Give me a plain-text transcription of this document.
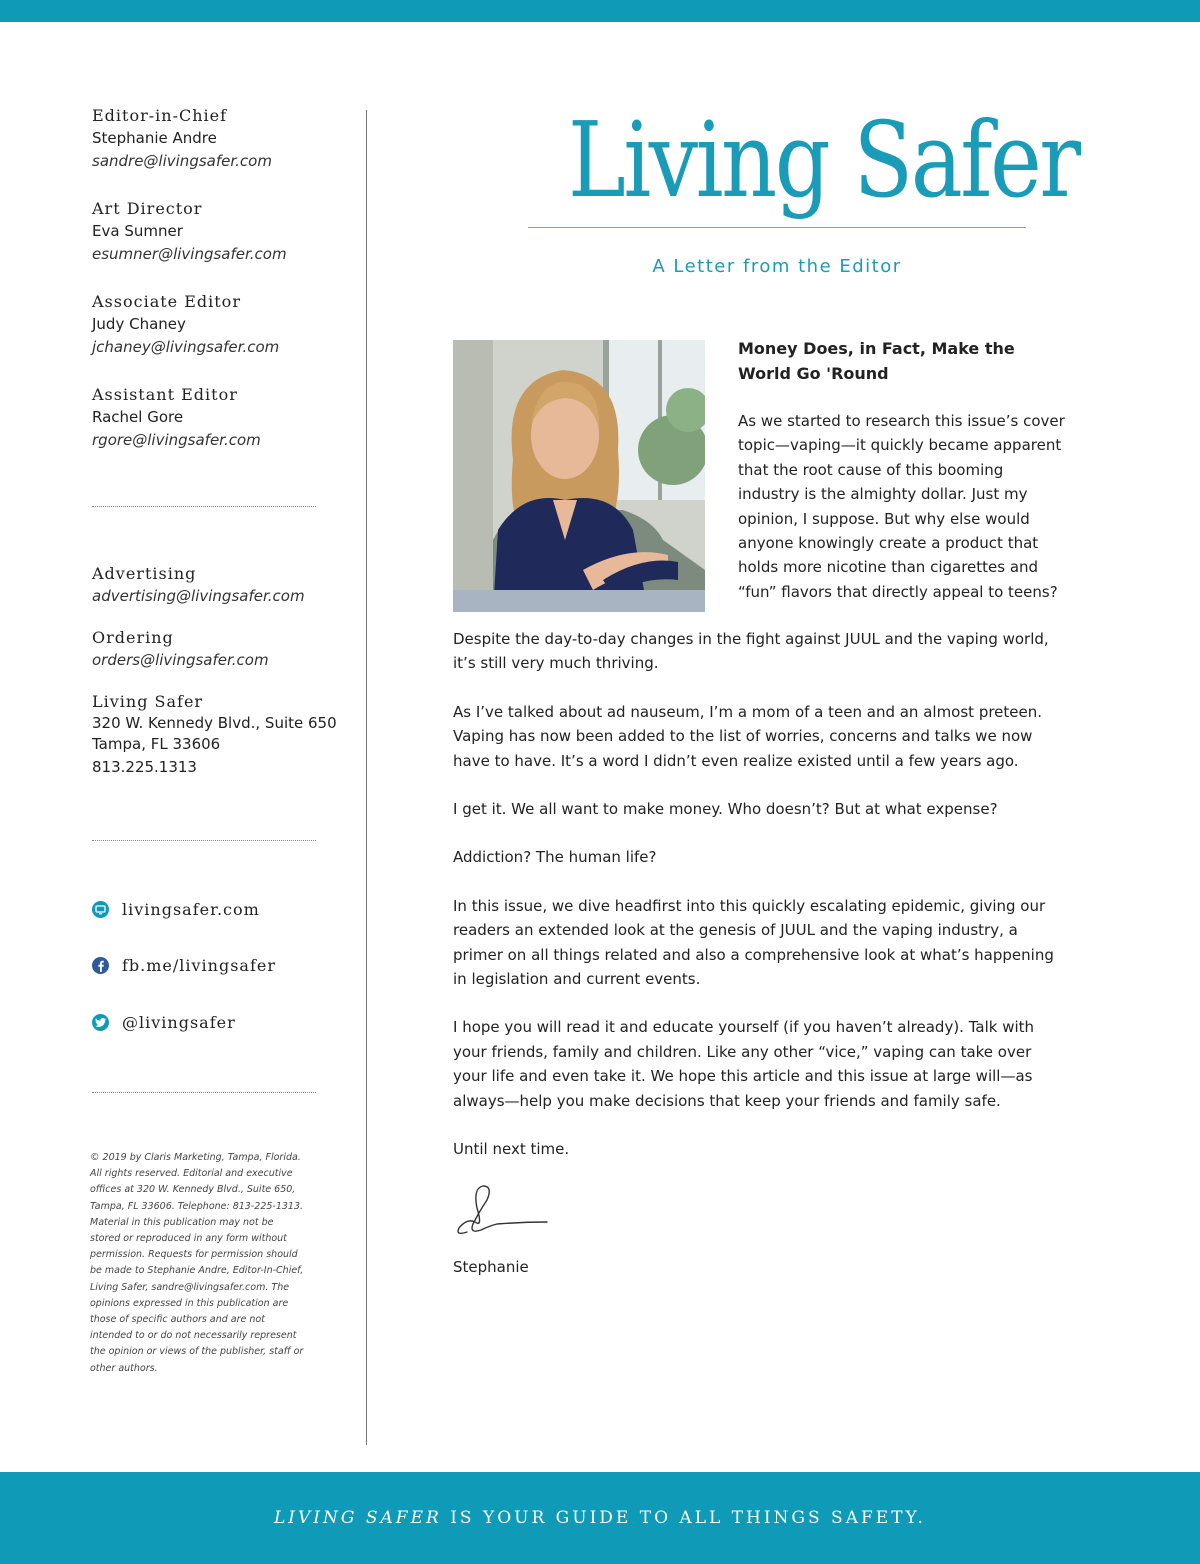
Editor-in-Chief
Stephanie Andre
sandre@livingsafer.com
Art Director
Eva Sumner
esumner@livingsafer.com
Associate Editor
Judy Chaney
jchaney@livingsafer.com
Assistant Editor
Rachel Gore
rgore@livingsafer.com
Advertising
advertising@livingsafer.com
Ordering
orders@livingsafer.com
Living Safer
320 W. Kennedy Blvd., Suite 650
Tampa, FL 33606
813.225.1313
livingsafer.com
fb.me/livingsafer
@livingsafer
© 2019 by Claris Marketing, Tampa, Florida. All rights reserved. Editorial and executive offices at 320 W. Kennedy Blvd., Suite 650, Tampa, FL 33606. Telephone: 813-225-1313. Material in this publication may not be stored or reproduced in any form without permission. Requests for permission should be made to Stephanie Andre, Editor-In-Chief, Living Safer, sandre@livingsafer.com. The opinions expressed in this publication are those of specific authors and are not intended to or do not necessarily represent the opinion or views of the publisher, staff or other authors.
Living Safer
A Letter from the Editor
Money Does, in Fact, Make the World Go 'Round
As we started to research this issue’s cover topic—vaping—it quickly became apparent that the root cause of this booming industry is the almighty dollar. Just my opinion, I suppose. But why else would anyone knowingly create a product that holds more nicotine than cigarettes and “fun” flavors that directly appeal to teens?

Despite the day-to-day changes in the fight against JUUL and the vaping world, it’s still very much thriving.

As I’ve talked about ad nauseum, I’m a mom of a teen and an almost preteen. Vaping has now been added to the list of worries, concerns and talks we now have to have. It’s a word I didn’t even realize existed until a few years ago.

I get it. We all want to make money. Who doesn’t? But at what expense?

Addiction? The human life?

In this issue, we dive headfirst into this quickly escalating epidemic, giving our readers an extended look at the genesis of JUUL and the vaping industry, a primer on all things related and also a comprehensive look at what’s happening in legislation and current events.

I hope you will read it and educate yourself (if you haven’t already). Talk with your friends, family and children. Like any other “vice,” vaping can take over your life and even take it. We hope this article and this issue at large will—as always—help you make decisions that keep your friends and family safe.

Until next time.

Stephanie
LIVING SAFER IS YOUR GUIDE TO ALL THINGS SAFETY.
